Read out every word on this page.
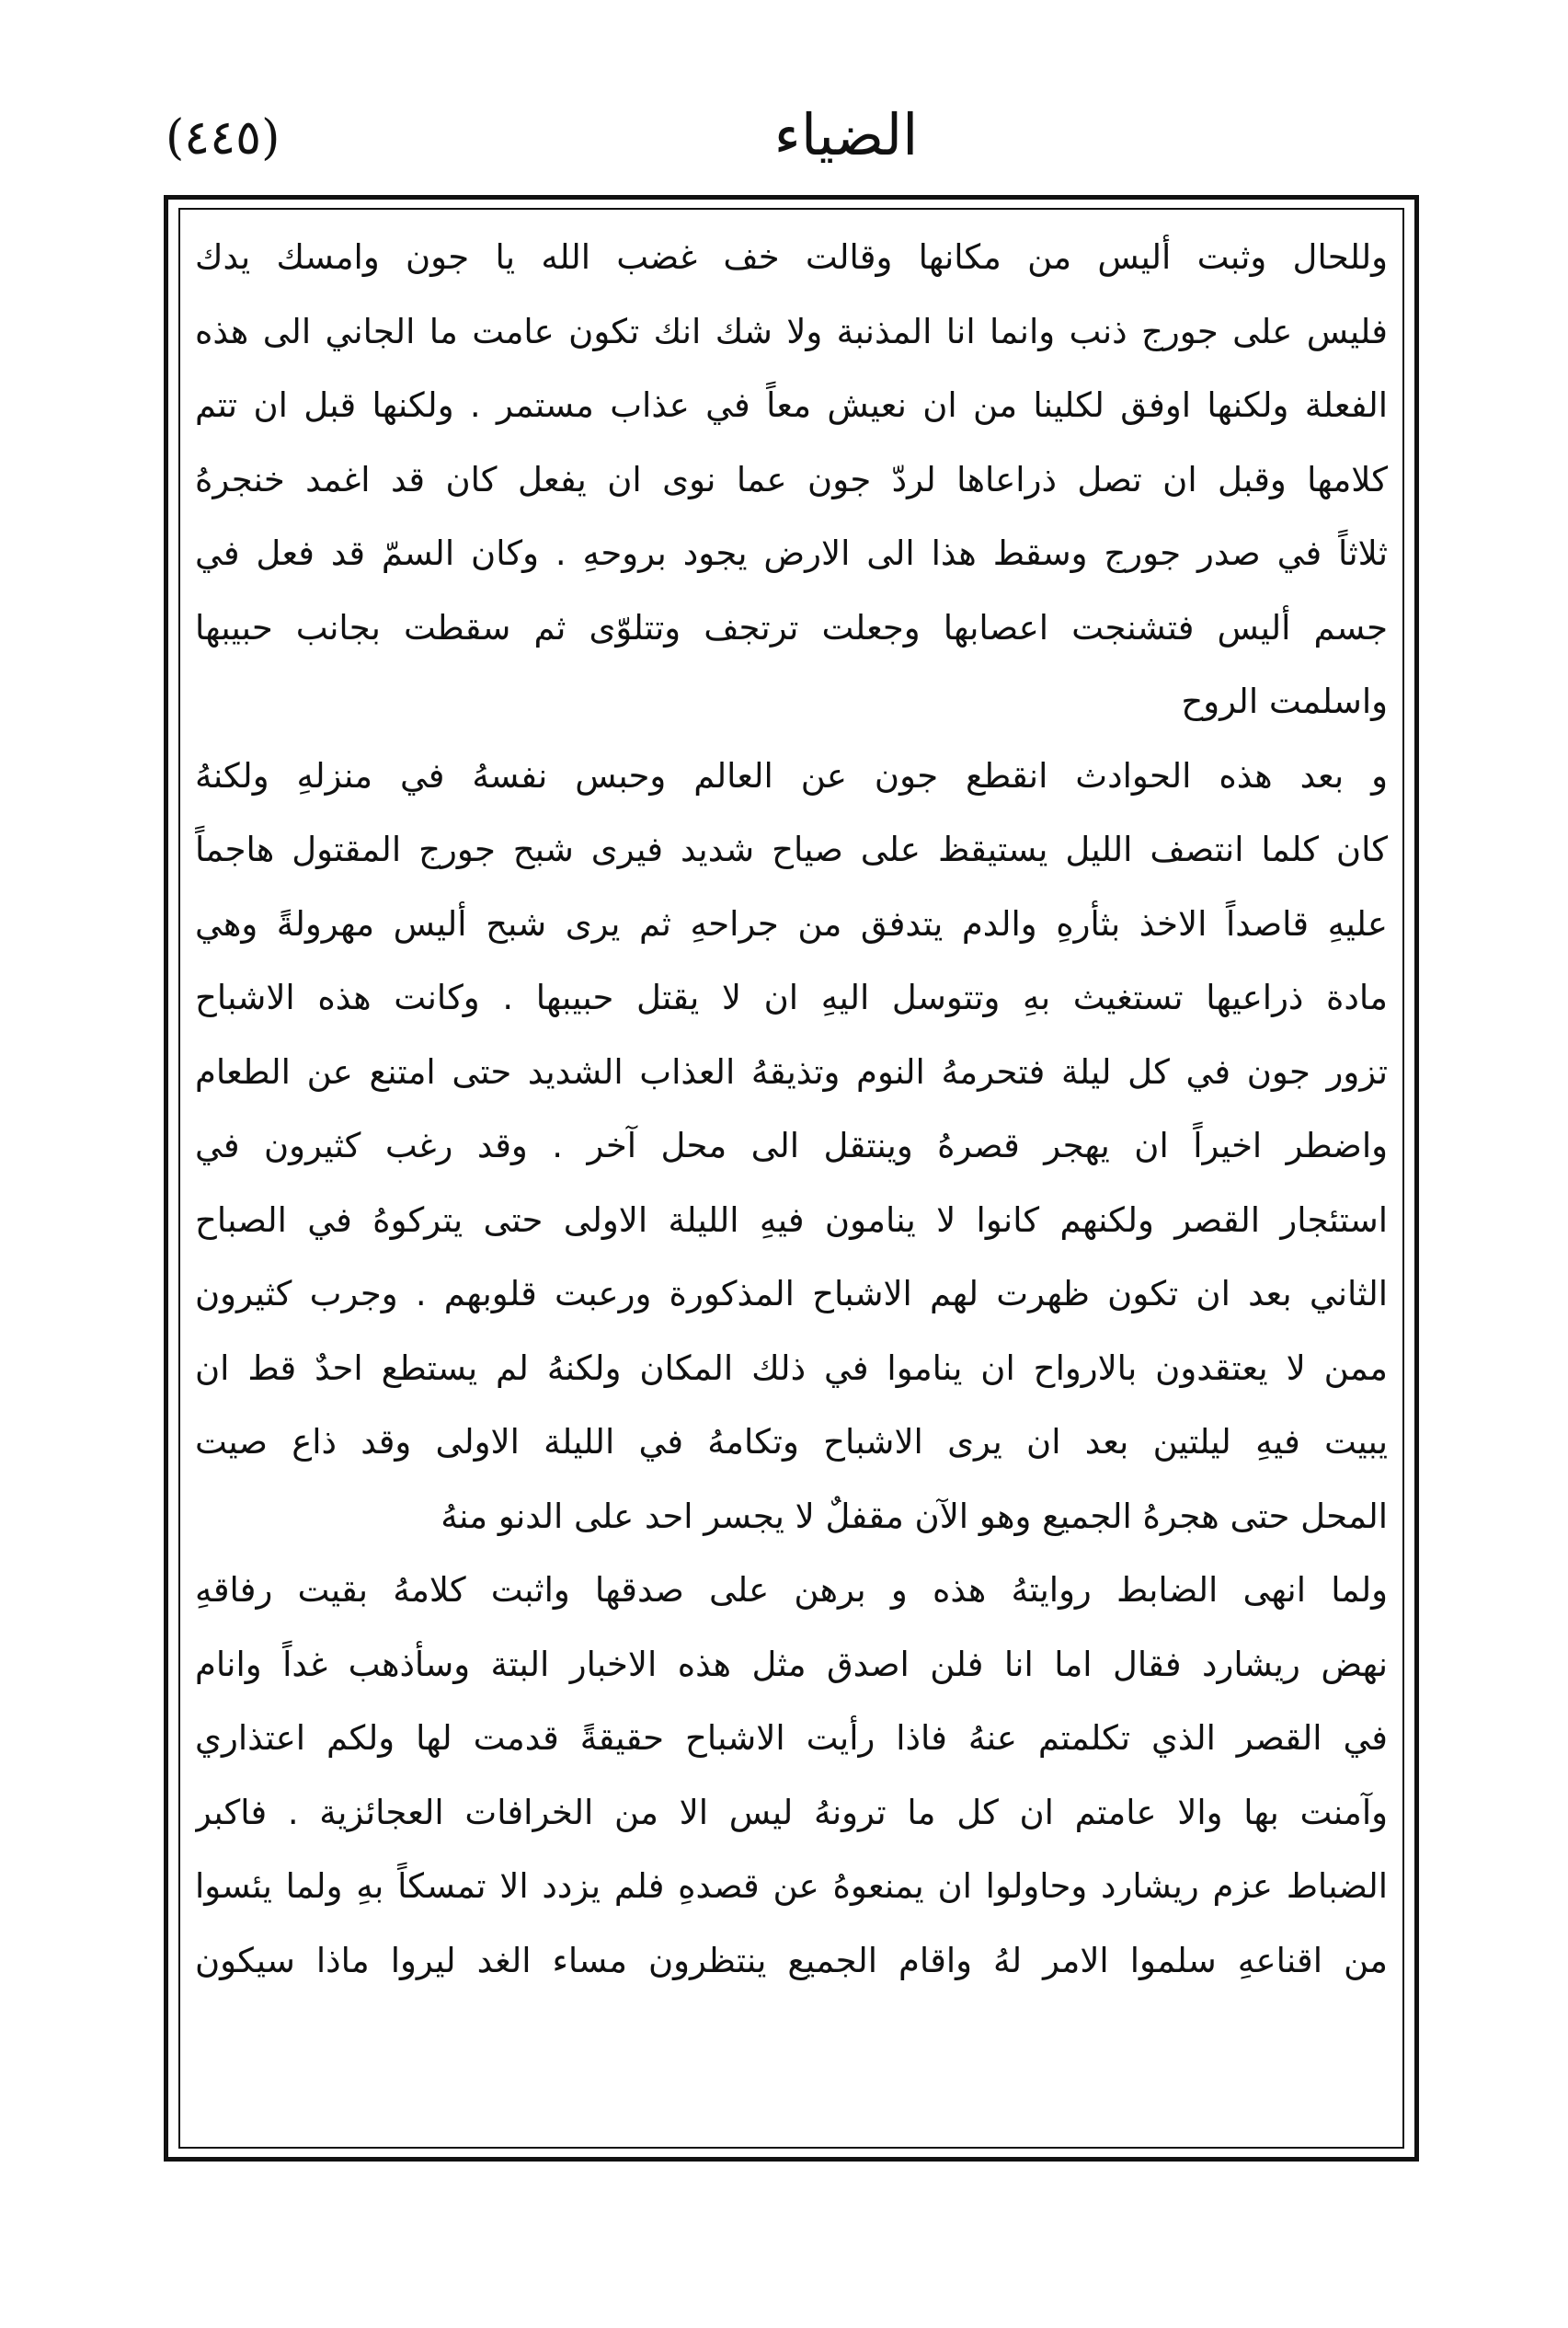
(٤٤٥)	الضياء
وللحال وثبت أليس من مكانها وقالت خف غضب الله يا جون وامسك يدك
فليس على جورج ذنب وانما انا المذنبة ولا شك انك تكون عامت ما الجاني الى هذه
الفعلة ولكنها اوفق لكلينا من ان نعيش معاً في عذاب مستمر . ولكنها قبل ان تتم
كلامها وقبل ان تصل ذراعاها لردّ جون عما نوى ان يفعل كان قد اغمد خنجرهُ
ثلاثاً في صدر جورج وسقط هذا الى الارض يجود بروحهِ . وكان السمّ قد فعل في
جسم أليس فتشنجت اعصابها وجعلت ترتجف وتتلوّى ثم سقطت بجانب حبيبها
واسلمت الروح
و بعد هذه الحوادث انقطع جون عن العالم وحبس نفسهُ في منزلهِ ولكنهُ
كان كلما انتصف الليل يستيقظ على صياح شديد فيرى شبح جورج المقتول هاجماً
عليهِ قاصداً الاخذ بثأرهِ والدم يتدفق من جراحهِ ثم يرى شبح أليس مهرولةً وهي
مادة ذراعيها تستغيث بهِ وتتوسل اليهِ ان لا يقتل حبيبها . وكانت هذه الاشباح
تزور جون في كل ليلة فتحرمهُ النوم وتذيقهُ العذاب الشديد حتى امتنع عن الطعام
واضطر اخيراً ان يهجر قصرهُ وينتقل الى محل آخر . وقد رغب كثيرون في
استئجار القصر ولكنهم كانوا لا ينامون فيهِ الليلة الاولى حتى يتركوهُ في الصباح
الثاني بعد ان تكون ظهرت لهم الاشباح المذكورة ورعبت قلوبهم . وجرب كثيرون
ممن لا يعتقدون بالارواح ان يناموا في ذلك المكان ولكنهُ لم يستطع احدٌ قط ان
يبيت فيهِ ليلتين بعد ان يرى الاشباح وتكامهُ في الليلة الاولى وقد ذاع صيت
المحل حتى هجرهُ الجميع وهو الآن مقفلٌ لا يجسر احد على الدنو منهُ
ولما انهى الضابط روايتهُ هذه و برهن على صدقها واثبت كلامهُ بقيت رفاقهِ
نهض ريشارد فقال اما انا فلن اصدق مثل هذه الاخبار البتة وسأذهب غداً وانام
في القصر الذي تكلمتم عنهُ فاذا رأيت الاشباح حقيقةً قدمت لها ولكم اعتذاري
وآمنت بها والا عامتم ان كل ما ترونهُ ليس الا من الخرافات العجائزية . فاكبر
الضباط عزم ريشارد وحاولوا ان يمنعوهُ عن قصدهِ فلم يزدد الا تمسكاً بهِ ولما يئسوا
من اقناعهِ سلموا الامر لهُ واقام الجميع ينتظرون مساء الغد ليروا ماذا سيكون
